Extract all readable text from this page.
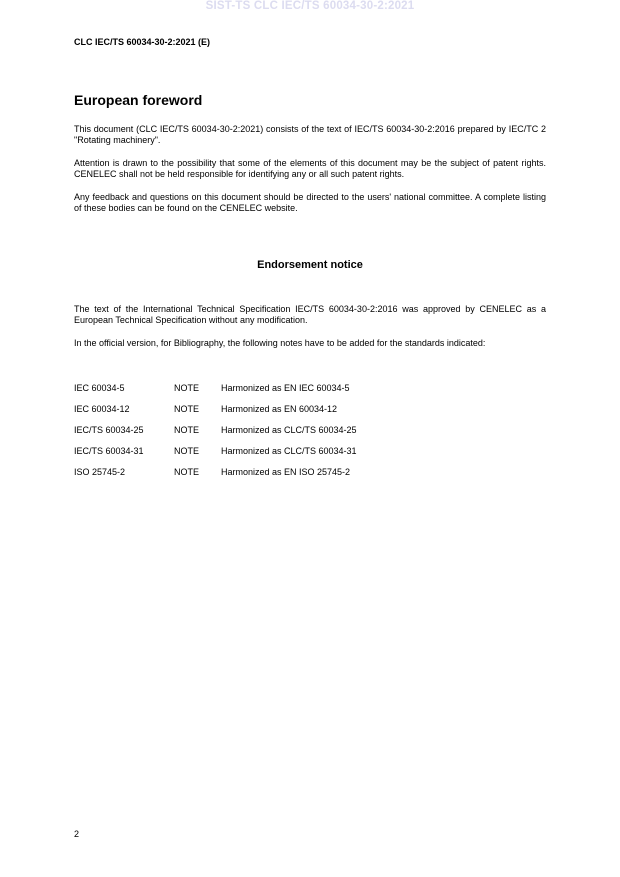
SIST-TS CLC IEC/TS 60034-30-2:2021
CLC IEC/TS 60034-30-2:2021 (E)
European foreword

This document (CLC IEC/TS 60034-30-2:2021) consists of the text of IEC/TS 60034-30-2:2016 prepared by IEC/TC 2 "Rotating machinery".

Attention is drawn to the possibility that some of the elements of this document may be the subject of patent rights. CENELEC shall not be held responsible for identifying any or all such patent rights.

Any feedback and questions on this document should be directed to the users' national committee. A complete listing of these bodies can be found on the CENELEC website.

Endorsement notice

The text of the International Technical Specification IEC/TS 60034-30-2:2016 was approved by CENELEC as a European Technical Specification without any modification.

In the official version, for Bibliography, the following notes have to be added for the standards indicated:

IEC 60034-5	NOTE Harmonized as EN IEC 60034-5
IEC 60034-12	NOTE Harmonized as EN 60034-12
IEC/TS 60034-25	NOTE Harmonized as CLC/TS 60034-25
IEC/TS 60034-31	NOTE Harmonized as CLC/TS 60034-31
ISO 25745-2	NOTE Harmonized as EN ISO 25745-2
2
